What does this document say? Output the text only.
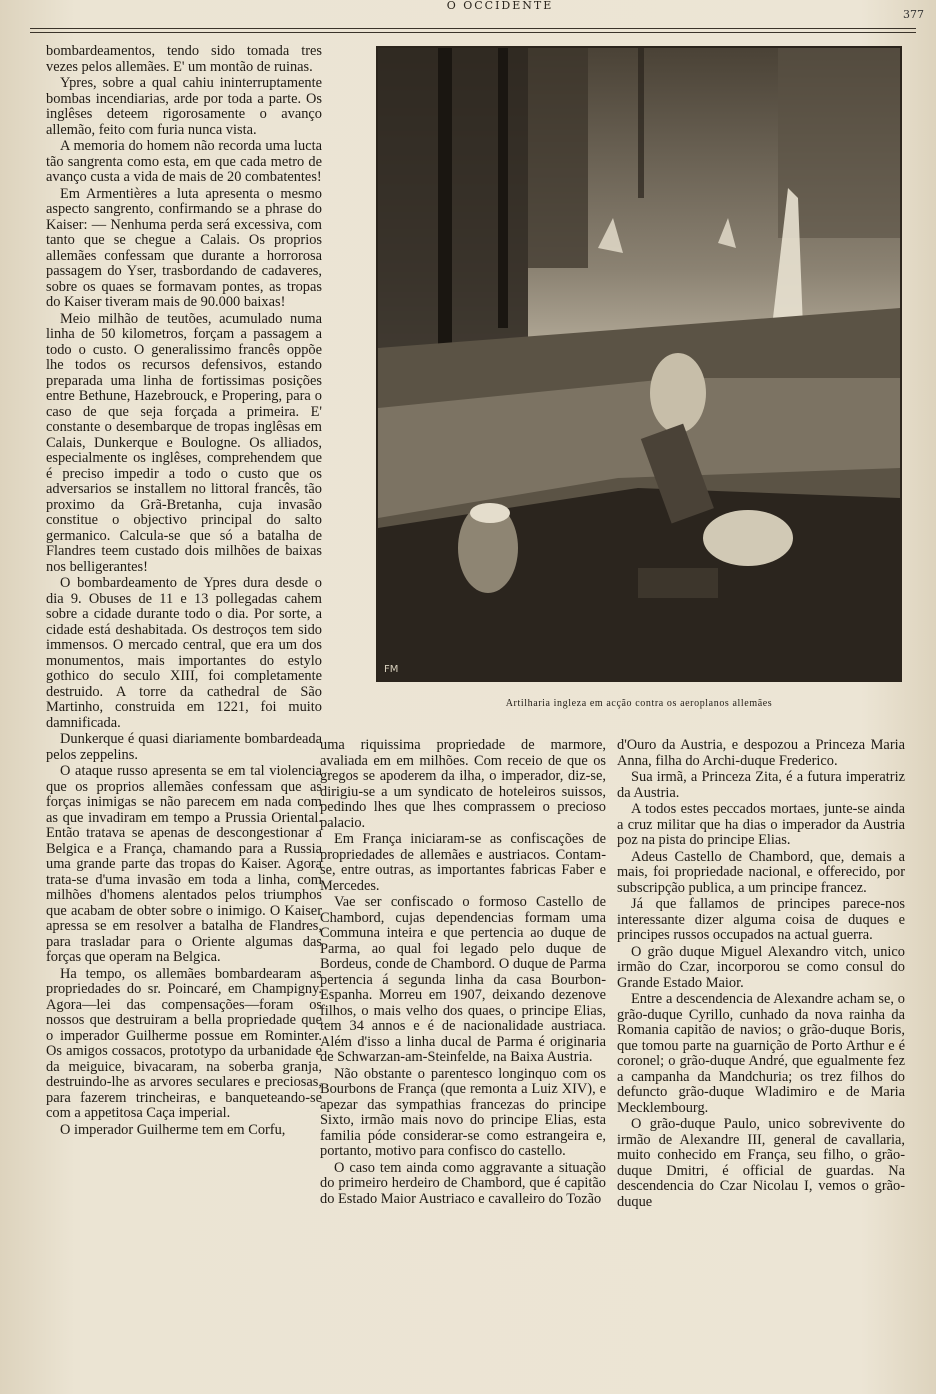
O OCCIDENTE
377

bombardeamentos, tendo sido tomada tres vezes pelos allemães. E' um montão de ruinas.

Ypres, sobre a qual cahiu ininterruptamente bombas incendiarias, arde por toda a parte. Os inglêses deteem rigorosamente o avanço allemão, feito com furia nunca vista.

A memoria do homem não recorda uma lucta tão sangrenta como esta, em que cada metro de avanço custa a vida de mais de 20 combatentes!

Em Armentières a luta apresenta o mesmo aspecto sangrento, confirmando se a phrase do Kaiser: — Nenhuma perda será excessiva, com tanto que se chegue a Calais. Os proprios allemães confessam que durante a horrorosa passagem do Yser, trasbordando de cadaveres, sobre os quaes se formavam pontes, as tropas do Kaiser tiveram mais de 90.000 baixas!

Meio milhão de teutões, acumulado numa linha de 50 kilometros, forçam a passagem a todo o custo. O generalissimo francês oppõe lhe todos os recursos defensivos, estando preparada uma linha de fortissimas posições entre Bethune, Hazebrouck, e Propering, para o caso de que seja forçada a primeira. E' constante o desembarque de tropas inglêsas em Calais, Dunkerque e Boulogne. Os alliados, especialmente os inglêses, comprehendem que é preciso impedir a todo o custo que os adversarios se installem no littoral francês, tão proximo da Grã-Bretanha, cuja invasão constitue o objectivo principal do salto germanico. Calcula-se que só a batalha de Flandres teem custado dois milhões de baixas nos belligerantes!

O bombardeamento de Ypres dura desde o dia 9. Obuses de 11 e 13 pollegadas cahem sobre a cidade durante todo o dia. Por sorte, a cidade está deshabitada. Os destroços tem sido immensos. O mercado central, que era um dos monumentos, mais importantes do estylo gothico do seculo XIII, foi completamente destruido. A torre da cathedral de São Martinho, construida em 1221, foi muito damnificada.

Dunkerque é quasi diariamente bombardeada pelos zeppelins.

O ataque russo apresenta se em tal violencia que os proprios allemães confessam que as forças inimigas se não parecem em nada com as que invadiram em tempo a Prussia Oriental. Então tratava se apenas de descongestionar a Belgica e a França, chamando para a Russia uma grande parte das tropas do Kaiser. Agora trata-se d'uma invasão em toda a linha, com milhões d'homens alentados pelos triumphos que acabam de obter sobre o inimigo. O Kaiser apressa se em resolver a batalha de Flandres, para trasladar para o Oriente algumas das forças que operam na Belgica.

Ha tempo, os allemães bombardearam as propriedades do sr. Poincaré, em Champigny. Agora—lei das compensações—foram os nossos que destruiram a bella propriedade que o imperador Guilherme possue em Rominter. Os amigos cossacos, prototypo da urbanidade e da meiguice, bivacaram, na soberba granja, destruindo-lhe as arvores seculares e preciosas, para fazerem trincheiras, e banqueteando-se com a appetitosa Caça imperial.

O imperador Guilherme tem em Corfu,

FM
Artilharia ingleza em acção contra os aeroplanos allemães

uma riquissima propriedade de marmore, avaliada em em milhões. Com receio de que os gregos se apoderem da ilha, o imperador, diz-se, dirigiu-se a um syndicato de hoteleiros suissos, pedindo lhes que lhes comprassem o precioso palacio.

Em França iniciaram-se as confiscações de propriedades de allemães e austriacos. Contam-se, entre outras, as importantes fabricas Faber e Mercedes.

Vae ser confiscado o formoso Castello de Chambord, cujas dependencias formam uma Communa inteira e que pertencia ao duque de Parma, ao qual foi legado pelo duque de Bordeus, conde de Chambord. O duque de Parma pertencia á segunda linha da casa Bourbon-Espanha. Morreu em 1907, deixando dezenove filhos, o mais velho dos quaes, o principe Elias, tem 34 annos e é de nacionalidade austriaca. Além d'isso a linha ducal de Parma é originaria de Schwarzan-am-Steinfelde, na Baixa Austria.

Não obstante o parentesco longinquo com os Bourbons de França (que remonta a Luiz XIV), e apezar das sympathias francezas do principe Sixto, irmão mais novo do principe Elias, esta familia póde considerar-se como estrangeira e, portanto, motivo para confisco do castello.

O caso tem ainda como aggravante a situação do primeiro herdeiro de Chambord, que é capitão do Estado Maior Austriaco e cavalleiro do Tozão

d'Ouro da Austria, e despozou a Princeza Maria Anna, filha do Archi-duque Frederico.

Sua irmã, a Princeza Zita, é a futura imperatriz da Austria.

A todos estes peccados mortaes, junte-se ainda a cruz militar que ha dias o imperador da Austria poz na pista do principe Elias.

Adeus Castello de Chambord, que, demais a mais, foi propriedade nacional, e offerecido, por subscripção publica, a um principe francez.

Já que fallamos de principes parece-nos interessante dizer alguma coisa de duques e principes russos occupados na actual guerra.

O grão duque Miguel Alexandro vitch, unico irmão do Czar, incorporou se como consul do Grande Estado Maior.

Entre a descendencia de Alexandre acham se, o grão-duque Cyrillo, cunhado da nova rainha da Romania capitão de navios; o grão-duque Boris, que tomou parte na guarnição de Porto Arthur e é coronel; o grão-duque André, que egualmente fez a campanha da Mandchuria; os trez filhos do defuncto grão-duque Wladimiro e de Maria Mecklembourg.

O grão-duque Paulo, unico sobrevivente do irmão de Alexandre III, general de cavallaria, muito conhecido em França, seu filho, o grão-duque Dmitri, é official de guardas. Na descendencia do Czar Nicolau I, vemos o grão-duque
